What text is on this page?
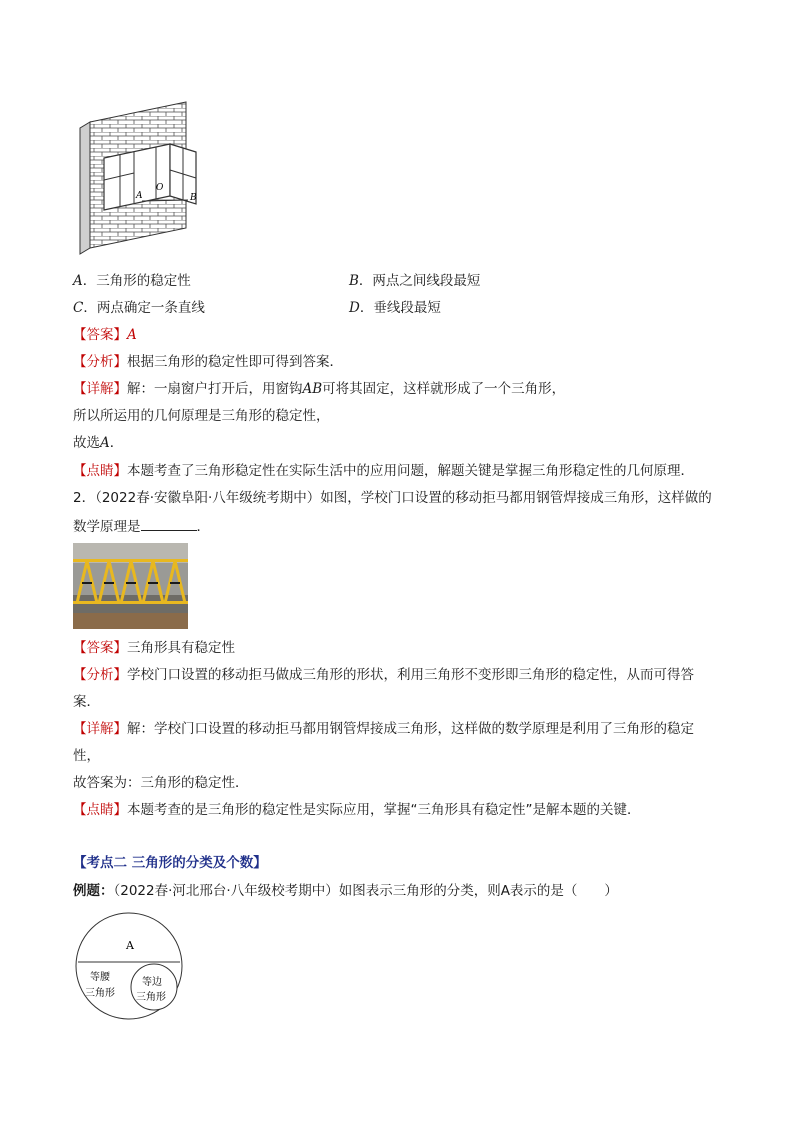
A
O
B
A．三角形的稳定性	B．两点之间线段最短
C．两点确定一条直线	D．垂线段最短
【答案】A
【分析】根据三角形的稳定性即可得到答案．
【详解】解：一扇窗户打开后，用窗钩AB可将其固定，这样就形成了一个三角形，
所以所运用的几何原理是三角形的稳定性，
故选A．
【点睛】本题考查了三角形稳定性在实际生活中的应用问题，解题关键是掌握三角形稳定性的几何原理．
2．（2022春·安徽阜阳·八年级统考期中）如图，学校门口设置的移动拒马都用钢管焊接成三角形，这样做的
数学原理是	．
【答案】三角形具有稳定性
【分析】学校门口设置的移动拒马做成三角形的形状，利用三角形不变形即三角形的稳定性，从而可得答
案．
【详解】解：学校门口设置的移动拒马都用钢管焊接成三角形，这样做的数学原理是利用了三角形的稳定
性，
故答案为：三角形的稳定性．
【点睛】本题考查的是三角形的稳定性是实际应用，掌握“三角形具有稳定性”是解本题的关键．
【考点二 三角形的分类及个数】
例题：（2022春·河北邢台·八年级校考期中）如图表示三角形的分类，则A表示的是（　　）
A
等腰
三角形
等边
三角形
